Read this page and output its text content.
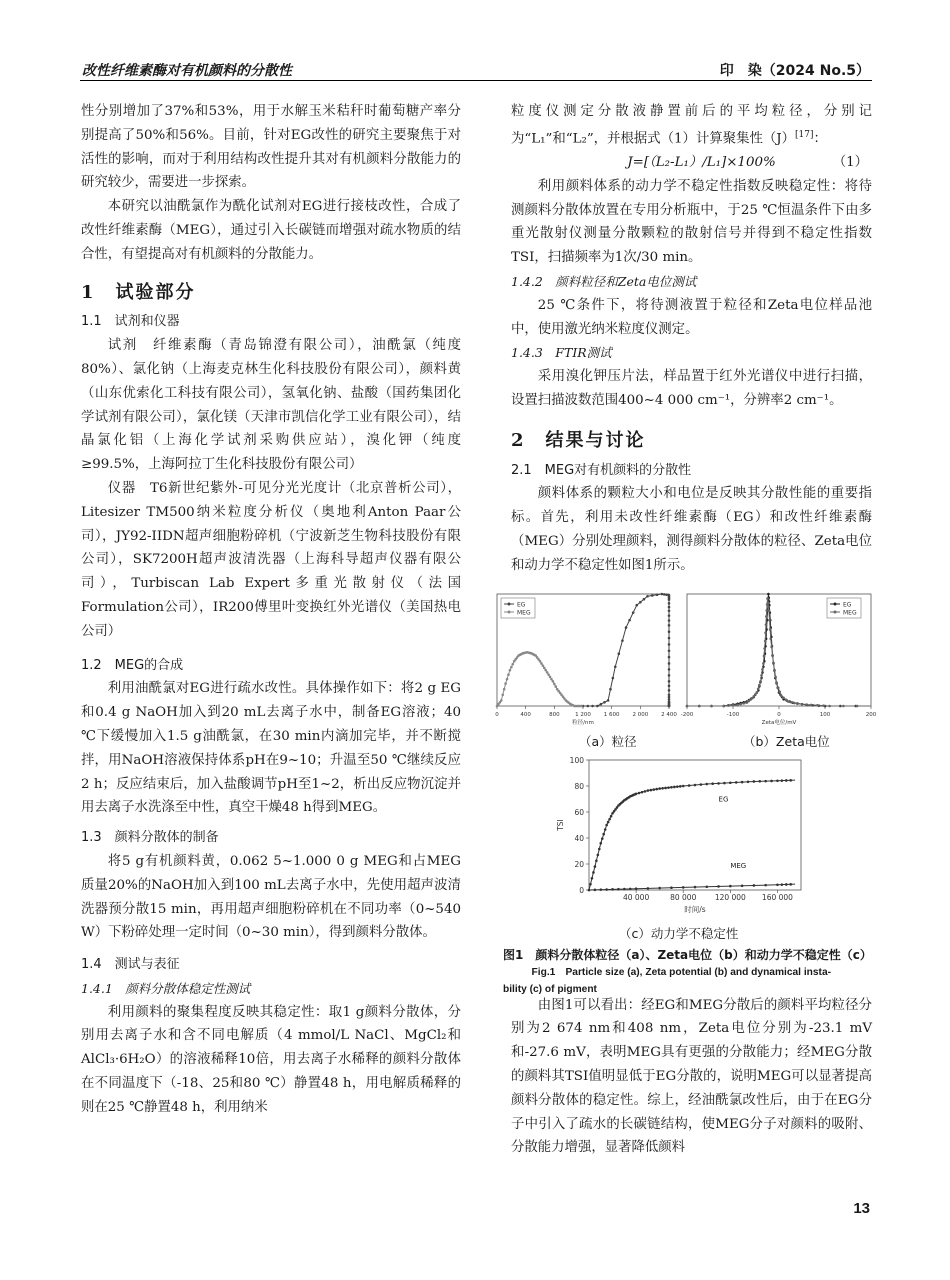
改性纤维素酶对有机颜料的分散性	印　染（2024 No.5）

性分别增加了37%和53%，用于水解玉米秸秆时葡萄糖产率分别提高了50%和56%。目前，针对EG改性的研究主要聚焦于对活性的影响，而对于利用结构改性提升其对有机颜料分散能力的研究较少，需要进一步探索。

本研究以油酰氯作为酰化试剂对EG进行接枝改性，合成了改性纤维素酶（MEG），通过引入长碳链而增强对疏水物质的结合性，有望提高对有机颜料的分散能力。

1　试验部分
1.1　试剂和仪器

试剂　纤维素酶（青岛锦澄有限公司），油酰氯（纯度80%）、氯化钠（上海麦克林生化科技股份有限公司），颜料黄（山东优索化工科技有限公司），氢氧化钠、盐酸（国药集团化学试剂有限公司），氯化镁（天津市凯信化学工业有限公司），结晶氯化铝（上海化学试剂采购供应站），溴化钾（纯度≥99.5%，上海阿拉丁生化科技股份有限公司）

仪器　T6新世纪紫外-可见分光光度计（北京普析公司），Litesizer TM500纳米粒度分析仪（奥地利Anton Paar公司），JY92-IIDN超声细胞粉碎机（宁波新芝生物科技股份有限公司），SK7200H超声波清洗器（上海科导超声仪器有限公司），Turbiscan Lab Expert多重光散射仪（法国Formulation公司），IR200傅里叶变换红外光谱仪（美国热电公司）

1.2　MEG的合成

利用油酰氯对EG进行疏水改性。具体操作如下：将2 g EG和0.4 g NaOH加入到20 mL去离子水中，制备EG溶液；40 ℃下缓慢加入1.5 g油酰氯，在30 min内滴加完毕，并不断搅拌，用NaOH溶液保持体系pH在9~10；升温至50 ℃继续反应2 h；反应结束后，加入盐酸调节pH至1~2，析出反应物沉淀并用去离子水洗涤至中性，真空干燥48 h得到MEG。

1.3　颜料分散体的制备

将5 g有机颜料黄，0.062 5~1.000 0 g MEG和占MEG质量20%的NaOH加入到100 mL去离子水中，先使用超声波清洗器预分散15 min，再用超声细胞粉碎机在不同功率（0~540 W）下粉碎处理一定时间（0~30 min），得到颜料分散体。

1.4　测试与表征
1.4.1　颜料分散体稳定性测试

利用颜料的聚集程度反映其稳定性：取1 g颜料分散体，分别用去离子水和含不同电解质（4 mmol/L NaCl、MgCl₂和AlCl₃·6H₂O）的溶液稀释10倍，用去离子水稀释的颜料分散体在不同温度下（-18、25和80 ℃）静置48 h，用电解质稀释的则在25 ℃静置48 h，利用纳米

粒度仪测定分散液静置前后的平均粒径，分别记为“L₁”和“L₂”，并根据式（1）计算聚集性（J）[17]：

J=[（L₂-L₁）/L₁]×100%	（1）

利用颜料体系的动力学不稳定性指数反映稳定性：将待测颜料分散体放置在专用分析瓶中，于25 ℃恒温条件下由多重光散射仪测量分散颗粒的散射信号并得到不稳定性指数TSI，扫描频率为1次/30 min。

1.4.2　颜料粒径和Zeta电位测试

25 ℃条件下，将待测液置于粒径和Zeta电位样品池中，使用激光纳米粒度仪测定。

1.4.3　FTIR测试

采用溴化钾压片法，样品置于红外光谱仪中进行扫描，设置扫描波数范围400~4 000 cm⁻¹，分辨率2 cm⁻¹。

2　结果与讨论
2.1　MEG对有机颜料的分散性

颜料体系的颗粒大小和电位是反映其分散性能的重要指标。首先，利用未改性纤维素酶（EG）和改性纤维素酶（MEG）分别处理颜料，测得颜料分散体的粒径、Zeta电位和动力学不稳定性如图1所示。

0	400	800	1 200 1 600 2 000 2 400
粒径/nm
EG
MEG
-200	-100	0	100	200
Zeta电位/mV
EG
MEG
（a）粒径	（b）Zeta电位
40 000	80 000 120 000 160 000
0
20
40
60
80
100
时间/s
TSI
EG
MEG
（c）动力学不稳定性
图1　颜料分散体粒径（a）、Zeta电位（b）和动力学不稳定性（c）
Fig.1　Particle size (a), Zeta potential (b) and dynamical insta-
bility (c) of pigment

由图1可以看出：经EG和MEG分散后的颜料平均粒径分别为2 674 nm和408 nm，Zeta电位分别为-23.1 mV和-27.6 mV，表明MEG具有更强的分散能力；经MEG分散的颜料其TSI值明显低于EG分散的，说明MEG可以显著提高颜料分散体的稳定性。综上，经油酰氯改性后，由于在EG分子中引入了疏水的长碳链结构，使MEG分子对颜料的吸附、分散能力增强，显著降低颜料

13
